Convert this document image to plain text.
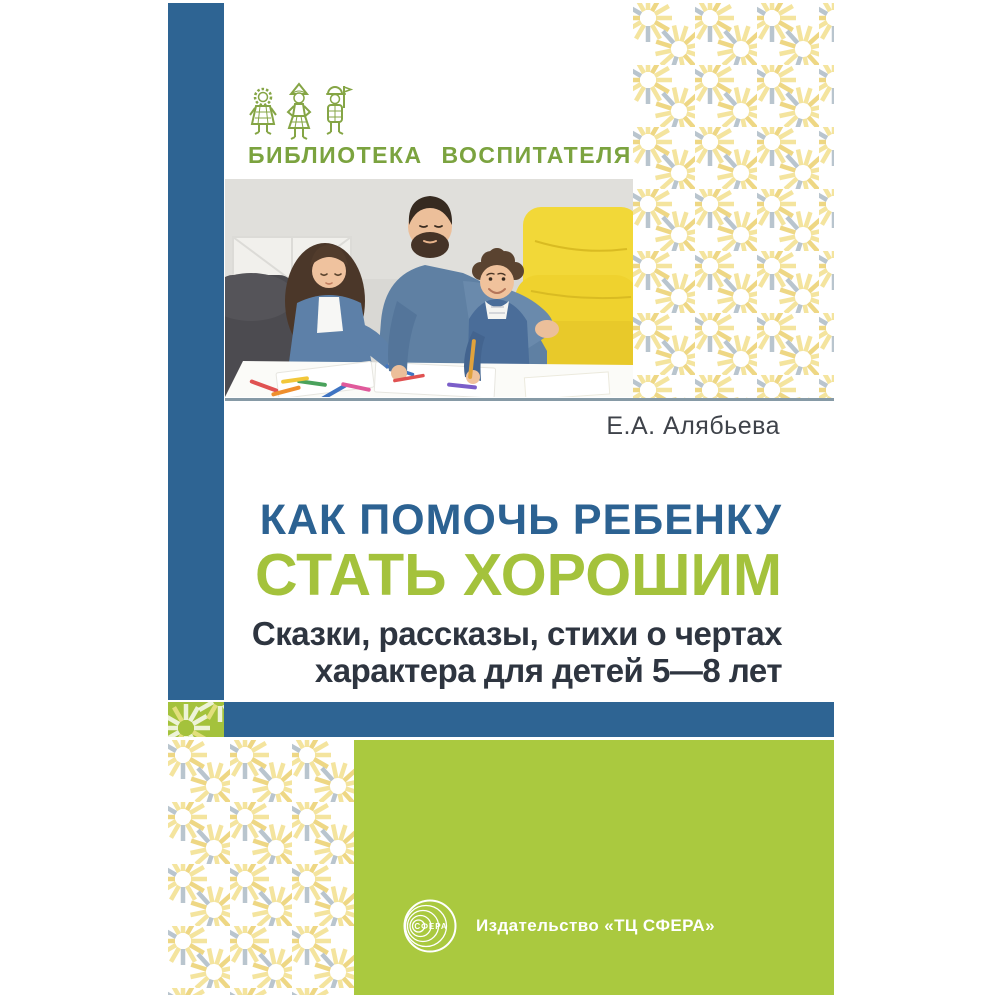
БИБЛИОТЕКА ВОСПИТАТЕЛЯ
Е.А. Алябьева
КАК ПОМОЧЬ РЕБЕНКУ
СТАТЬ ХОРОШИМ
Сказки, рассказы, стихи о чертах
характера для детей 5—8 лет
СФЕРА Издательство «ТЦ СФЕРА»
